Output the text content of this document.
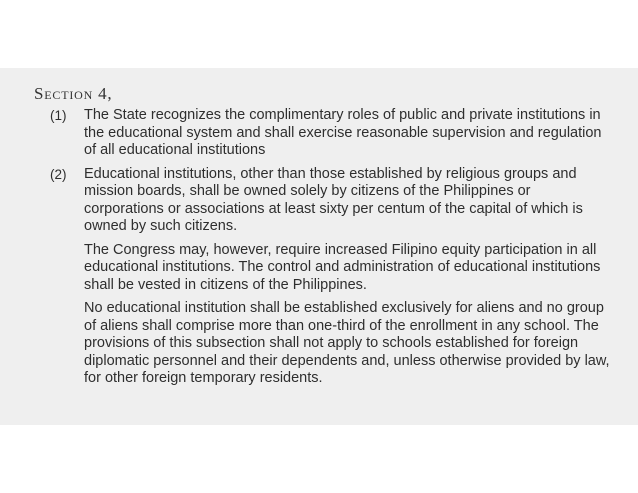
Section 4,
(1)	The State recognizes the complimentary roles of public and private institutions in the educational system and shall exercise reasonable supervision and regulation of all educational institutions

(2)	Educational institutions, other than those established by religious groups and mission boards, shall be owned solely by citizens of the Philippines or corporations or associations at least sixty per centum of the capital of which is owned by such citizens.

The Congress may, however, require increased Filipino equity participation in all educational institutions. The control and administration of educational institutions shall be vested in citizens of the Philippines.

No educational institution shall be established exclusively for aliens and no group of aliens shall comprise more than one-third of the enrollment in any school. The provisions of this subsection shall not apply to schools established for foreign diplomatic personnel and their dependents and, unless otherwise provided by law, for other foreign temporary residents.
